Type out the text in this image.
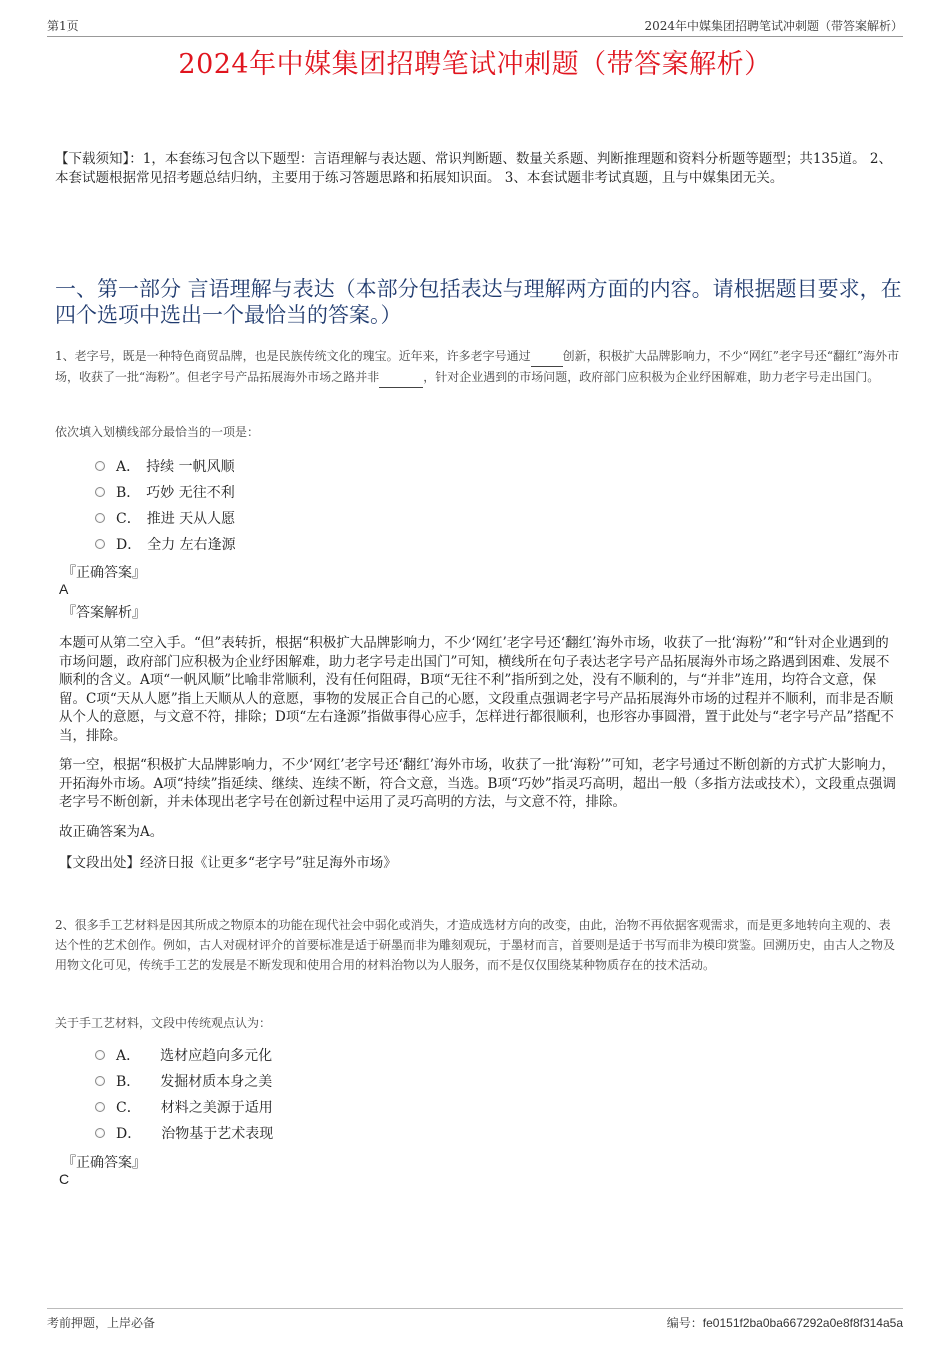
第1页	2024年中媒集团招聘笔试冲刺题（带答案解析）
2024年中媒集团招聘笔试冲刺题（带答案解析）
【下载须知】：1，本套练习包含以下题型：言语理解与表达题、常识判断题、数量关系题、判断推理题和资料分析题等题型；共135道。 2、本套试题根据常见招考题总结归纳，主要用于练习答题思路和拓展知识面。 3、本套试题非考试真题，且与中媒集团无关。
一、第一部分 言语理解与表达（本部分包括表达与理解两方面的内容。请根据题目要求，在四个选项中选出一个最恰当的答案。）
1、老字号，既是一种特色商贸品牌，也是民族传统文化的瑰宝。近年来，许多老字号通过	创新，积极扩大品牌影响力，不少“网红”老字号还“翻红”海外市场，收获了一批“海粉”。但老字号产品拓展海外市场之路并非	，针对企业遇到的市场问题，政府部门应积极为企业纾困解难，助力老字号走出国门。
依次填入划横线部分最恰当的一项是：
A． 持续 一帆风顺
B． 巧妙 无往不利
C． 推进 天从人愿
D． 全力 左右逢源
『正确答案』
A
『答案解析』

本题可从第二空入手。“但”表转折，根据“积极扩大品牌影响力，不少‘网红’老字号还‘翻红’海外市场，收获了一批‘海粉’”和“针对企业遇到的市场问题，政府部门应积极为企业纾困解难，助力老字号走出国门”可知，横线所在句子表达老字号产品拓展海外市场之路遇到困难、发展不顺利的含义。A项“一帆风顺”比喻非常顺利，没有任何阻碍，B项“无往不利”指所到之处，没有不顺利的，与“并非”连用，均符合文意，保留。C项“天从人愿”指上天顺从人的意愿，事物的发展正合自己的心愿，文段重点强调老字号产品拓展海外市场的过程并不顺利，而非是否顺从个人的意愿，与文意不符，排除；D项“左右逢源”指做事得心应手，怎样进行都很顺利，也形容办事圆滑，置于此处与“老字号产品”搭配不当，排除。

第一空，根据“积极扩大品牌影响力，不少‘网红’老字号还‘翻红’海外市场，收获了一批‘海粉’”可知，老字号通过不断创新的方式扩大影响力，开拓海外市场。A项“持续”指延续、继续、连续不断，符合文意，当选。B项“巧妙”指灵巧高明，超出一般（多指方法或技术），文段重点强调老字号不断创新，并未体现出老字号在创新过程中运用了灵巧高明的方法，与文意不符，排除。

故正确答案为A。

【文段出处】经济日报《让更多“老字号”驻足海外市场》

2、很多手工艺材料是因其所成之物原本的功能在现代社会中弱化或消失，才造成选材方向的改变，由此，治物不再依据客观需求，而是更多地转向主观的、表达个性的艺术创作。例如，古人对砚材评介的首要标准是适于研墨而非为雕刻观玩，于墨材而言，首要则是适于书写而非为模印赏鉴。回溯历史，由古人之物及用物文化可见，传统手工艺的发展是不断发现和使用合用的材料治物以为人服务，而不是仅仅围绕某种物质存在的技术活动。
关于手工艺材料，文段中传统观点认为：
A． 选材应趋向多元化
B． 发掘材质本身之美
C． 材料之美源于适用
D． 治物基于艺术表现
『正确答案』
C
考前押题，上岸必备	编号：fe0151f2ba0ba667292a0e8f8f314a5a
